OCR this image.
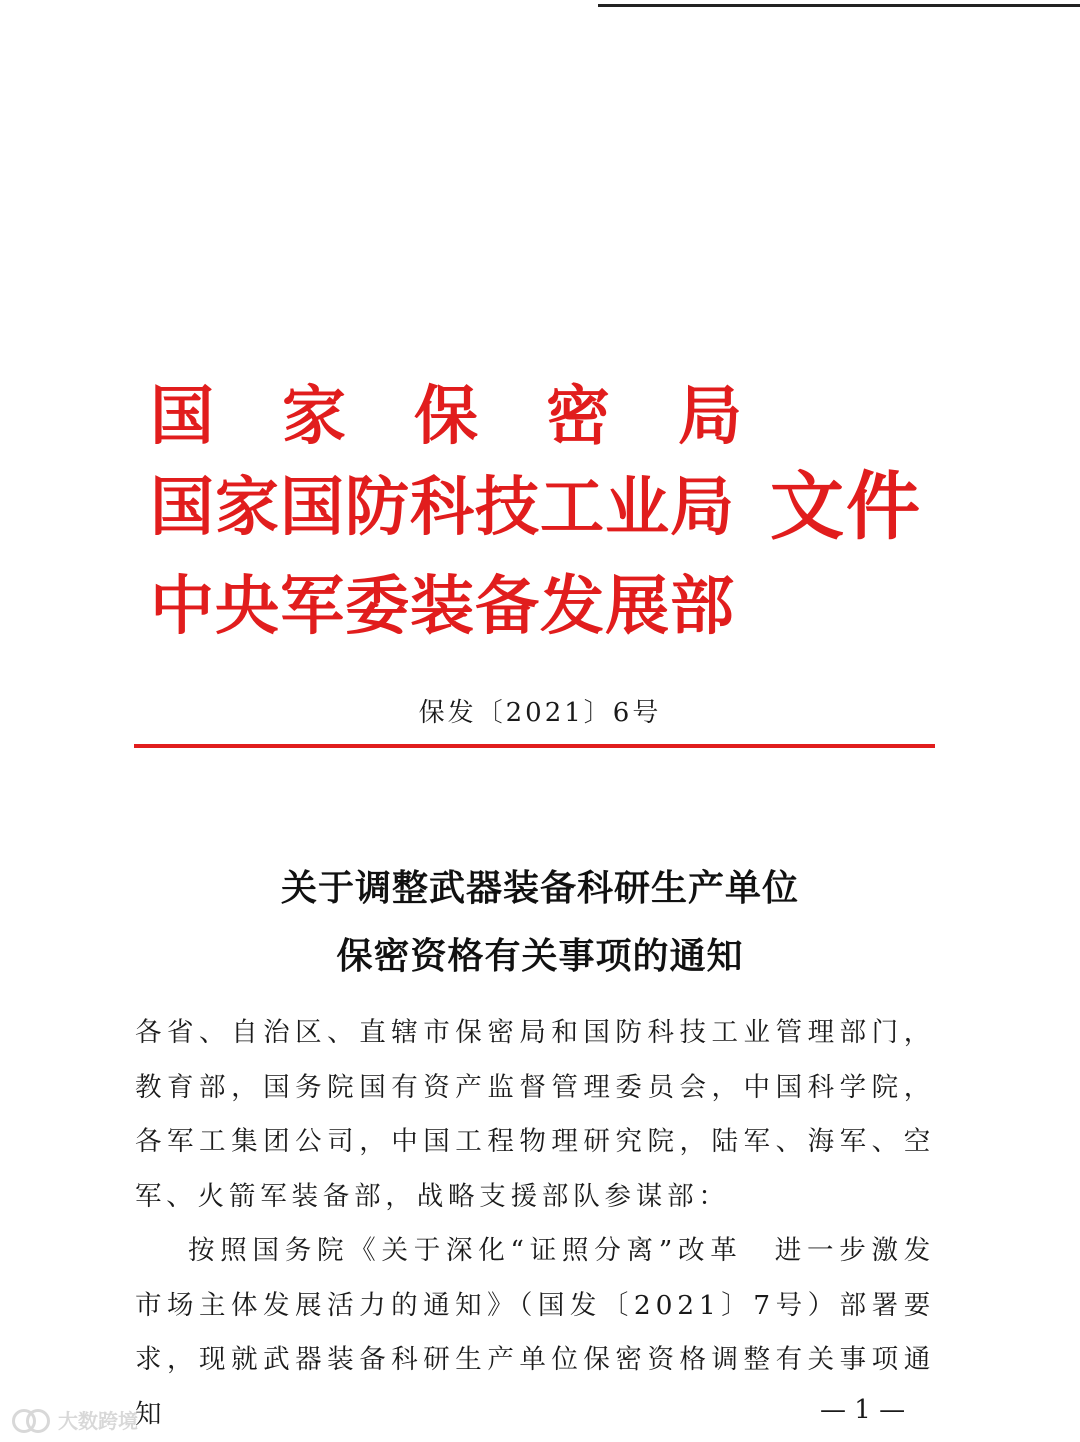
国家保密局
国家国防科技工业局
中央军委装备发展部
文件
保发〔2021〕6号
关于调整武器装备科研生产单位
保密资格有关事项的通知
各省、自治区、直辖市保密局和国防科技工业管理部门，教育部，国务院国有资产监督管理委员会，中国科学院，各军工集团公司，中国工程物理研究院，陆军、海军、空军、火箭军装备部，战略支援部队参谋部：
按照国务院《关于深化“证照分离”改革　进一步激发市场主体发展活力的通知》（国发〔2021〕7号）部署要求，现就武器装备科研生产单位保密资格调整有关事项通知	— 1 —
大数跨境
